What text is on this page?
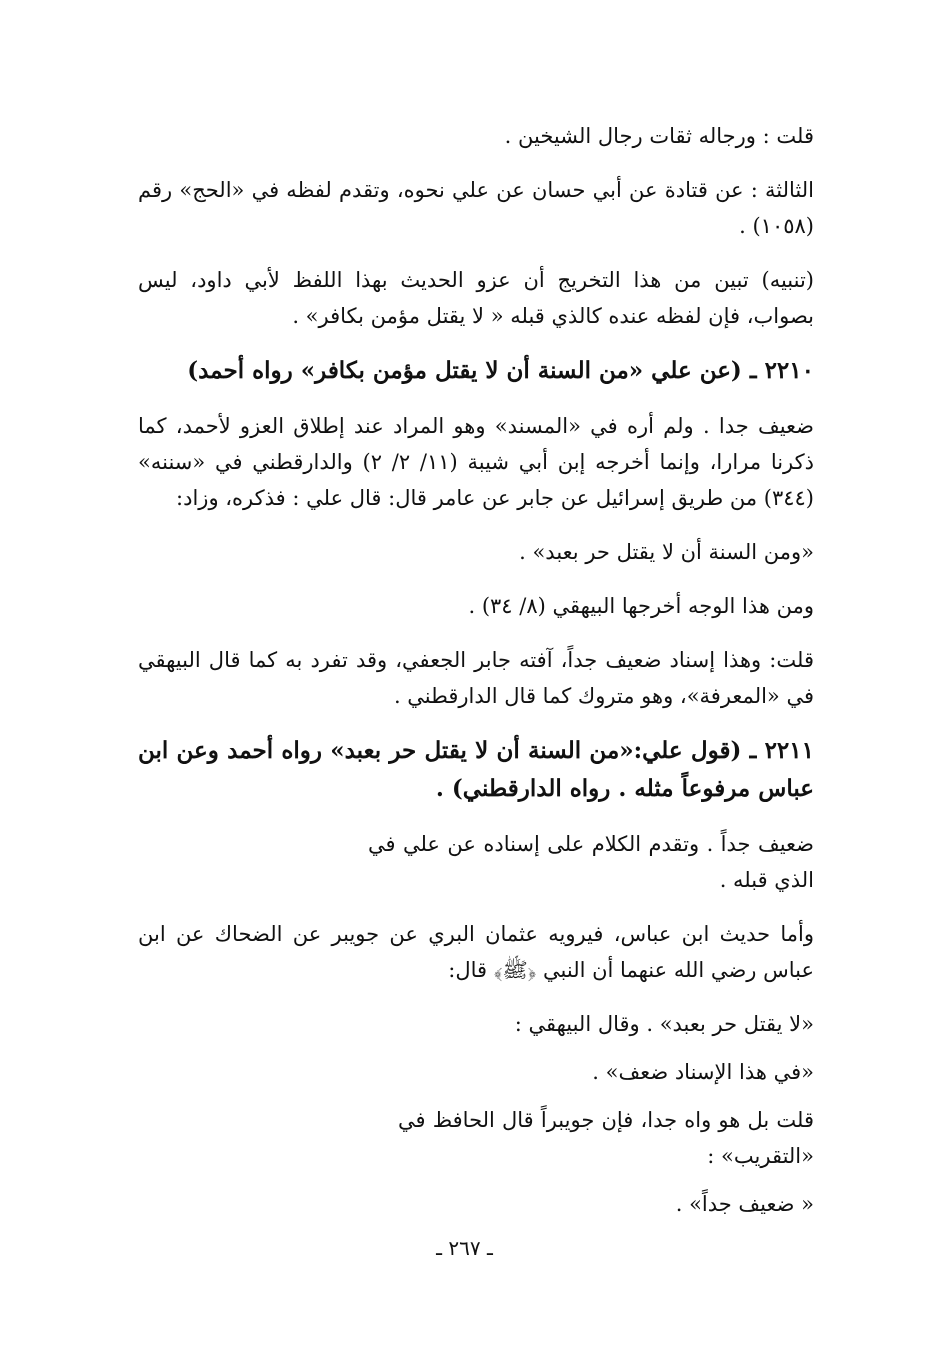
قلت : ورجاله ثقات رجال الشيخين .

الثالثة : عن قتادة عن أبي حسان عن علي نحوه، وتقدم لفظه في «الحج» رقم (١٠٥٨) .

(تنبيه) تبين من هذا التخريج أن عزو الحديث بهذا اللفظ لأبي داود، ليس بصواب، فإن لفظه عنده كالذي قبله « لا يقتل مؤمن بكافر» .

٢٢١٠ ـ (عن علي «من السنة أن لا يقتل مؤمن بكافر» رواه أحمد)

ضعيف جدا . ولم أره في «المسند» وهو المراد عند إطلاق العزو لأحمد، كما ذكرنا مرارا، وإنما أخرجه إبن أبي شيبة (١١/ ٢/ ٢) والدارقطني في «سننه» (٣٤٤) من طريق إسرائيل عن جابر عن عامر قال: قال علي : فذكره، وزاد:

«ومن السنة أن لا يقتل حر بعبد» .

ومن هذا الوجه أخرجها البيهقي (٨/ ٣٤) .

قلت: وهذا إسناد ضعيف جداً، آفته جابر الجعفي، وقد تفرد به كما قال البيهقي في «المعرفة»، وهو متروك كما قال الدارقطني .

٢٢١١ ـ (قول علي:«من السنة أن لا يقتل حر بعبد» رواه أحمد وعن ابن عباس مرفوعاً مثله . رواه الدارقطني) .

ضعيف جداً . وتقدم الكلام على إسناده عن علي في الذي قبله .

وأما حديث ابن عباس، فيرويه عثمان البري عن جويبر عن الضحاك عن ابن عباس رضي الله عنهما أن النبي ﴿ﷺ﴾ قال:

«لا يقتل حر بعبد» . وقال البيهقي :

«في هذا الإسناد ضعف» .

قلت بل هو واه جدا، فإن جويبراً قال الحافظ في «التقريب» :

« ضعيف جداً» .

ـ ٢٦٧ ـ
